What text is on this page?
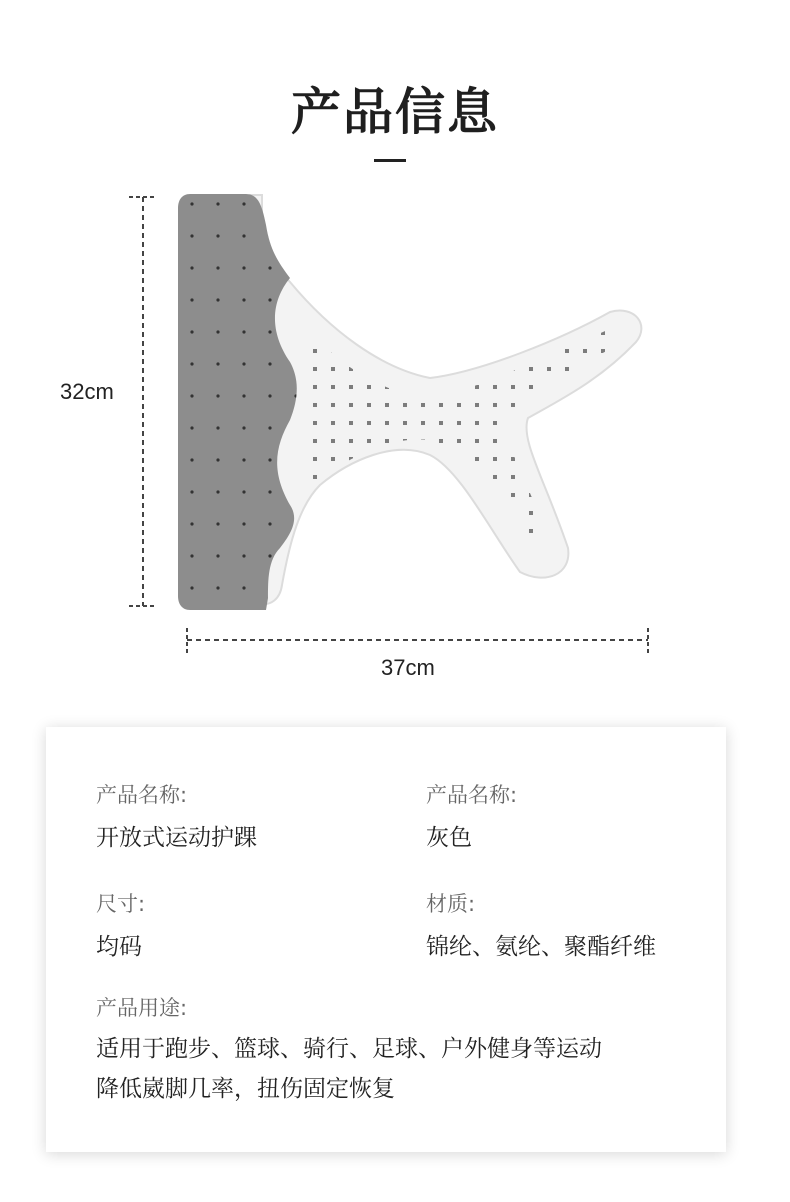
产品信息
32cm
37cm
产品名称:
开放式运动护踝
产品名称:
灰色
尺寸:
均码
材质:
锦纶、氨纶、聚酯纤维
产品用途:
适用于跑步、篮球、骑行、足球、户外健身等运动
降低崴脚几率，扭伤固定恢复
